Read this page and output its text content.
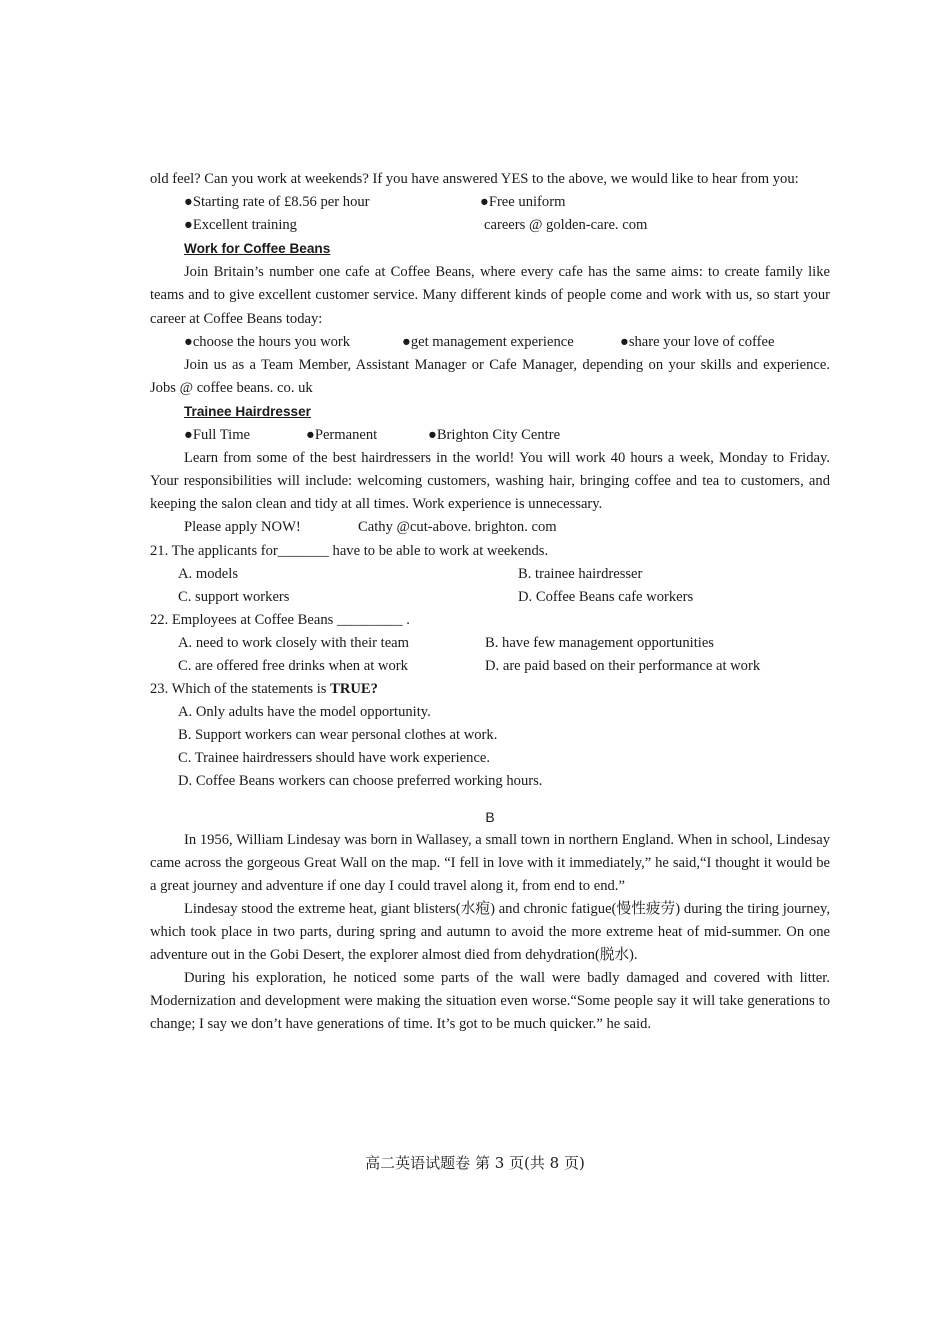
old feel? Can you work at weekends? If you have answered YES to the above, we would like to hear from you:

● Starting rate of £8.56 per hour	● Free uniform
● Excellent training	careers @ golden-care. com

Work for Coffee Beans

Join Britain’s number one cafe at Coffee Beans, where every cafe has the same aims: to create family like teams and to give excellent customer service. Many different kinds of people come and work with us, so start your career at Coffee Beans today:

● choose the hours you work	● get management experience	● share your love of coffee

Join us as a Team Member, Assistant Manager or Cafe Manager, depending on your skills and experience. Jobs @ coffee beans. co. uk

Trainee Hairdresser

● Full Time	● Permanent	● Brighton City Centre

Learn from some of the best hairdressers in the world! You will work 40 hours a week, Monday to Friday. Your responsibilities will include: welcoming customers, washing hair, bringing coffee and tea to customers, and keeping the salon clean and tidy at all times. Work experience is unnecessary.

Please apply NOW!	Cathy @cut-above. brighton. com

21. The applicants for_______ have to be able to work at weekends.

A. models	B. trainee hairdresser
C. support workers	D. Coffee Beans cafe workers

22. Employees at Coffee Beans _________ .

A. need to work closely with their team	B. have few management opportunities
C. are offered free drinks when at work	D. are paid based on their performance at work

23. Which of the statements is TRUE?

A. Only adults have the model opportunity.

B. Support workers can wear personal clothes at work.

C. Trainee hairdressers should have work experience.

D. Coffee Beans workers can choose preferred working hours.

B

In 1956, William Lindesay was born in Wallasey, a small town in northern England. When in school, Lindesay came across the gorgeous Great Wall on the map. “I fell in love with it immediately,” he said,“I thought it would be a great journey and adventure if one day I could travel along it, from end to end.”

Lindesay stood the extreme heat, giant blisters(水疱) and chronic fatigue(慢性疲劳) during the tiring journey, which took place in two parts, during spring and autumn to avoid the more extreme heat of mid-summer. On one adventure out in the Gobi Desert, the explorer almost died from dehydration(脱水).

During his exploration, he noticed some parts of the wall were badly damaged and covered with litter. Modernization and development were making the situation even worse.“Some people say it will take generations to change; I say we don’t have generations of time. It’s got to be much quicker.” he said.

高二英语试题卷 第 3 页(共 8 页)
